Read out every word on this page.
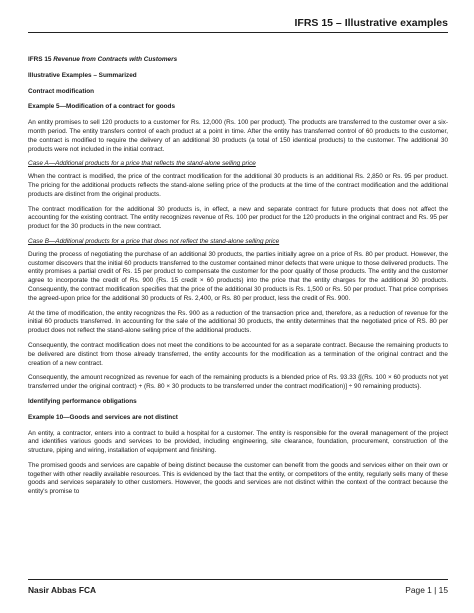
IFRS 15 – Illustrative examples
IFRS 15 Revenue from Contracts with Customers
Illustrative Examples – Summarized
Contract modification
Example 5—Modification of a contract for goods

An entity promises to sell 120 products to a customer for Rs. 12,000 (Rs. 100 per product). The products are transferred to the customer over a six-month period. The entity transfers control of each product at a point in time. After the entity has transferred control of 60 products to the customer, the contract is modified to require the delivery of an additional 30 products (a total of 150 identical products) to the customer. The additional 30 products were not included in the initial contract.

Case A—Additional products for a price that reflects the stand-alone selling price

When the contract is modified, the price of the contract modification for the additional 30 products is an additional Rs. 2,850 or Rs. 95 per product. The pricing for the additional products reflects the stand-alone selling price of the products at the time of the contract modification and the additional products are distinct from the original products.

The contract modification for the additional 30 products is, in effect, a new and separate contract for future products that does not affect the accounting for the existing contract. The entity recognizes revenue of Rs. 100 per product for the 120 products in the original contract and Rs. 95 per product for the 30 products in the new contract.

Case B—Additional products for a price that does not reflect the stand-alone selling price

During the process of negotiating the purchase of an additional 30 products, the parties initially agree on a price of Rs. 80 per product. However, the customer discovers that the initial 60 products transferred to the customer contained minor defects that were unique to those delivered products. The entity promises a partial credit of Rs. 15 per product to compensate the customer for the poor quality of those products. The entity and the customer agree to incorporate the credit of Rs. 900 (Rs. 15 credit × 60 products) into the price that the entity charges for the additional 30 products. Consequently, the contract modification specifies that the price of the additional 30 products is Rs. 1,500 or Rs. 50 per product. That price comprises the agreed-upon price for the additional 30 products of Rs. 2,400, or Rs. 80 per product, less the credit of Rs. 900.

At the time of modification, the entity recognizes the Rs. 900 as a reduction of the transaction price and, therefore, as a reduction of revenue for the initial 60 products transferred. In accounting for the sale of the additional 30 products, the entity determines that the negotiated price of RS. 80 per product does not reflect the stand-alone selling price of the additional products.

Consequently, the contract modification does not meet the conditions to be accounted for as a separate contract. Because the remaining products to be delivered are distinct from those already transferred, the entity accounts for the modification as a termination of the original contract and the creation of a new contract.

Consequently, the amount recognized as revenue for each of the remaining products is a blended price of Rs. 93.33 {[(Rs. 100 × 60 products not yet transferred under the original contract) + (Rs. 80 × 30 products to be transferred under the contract modification)] ÷ 90 remaining products}.

Identifying performance obligations
Example 10—Goods and services are not distinct

An entity, a contractor, enters into a contract to build a hospital for a customer. The entity is responsible for the overall management of the project and identifies various goods and services to be provided, including engineering, site clearance, foundation, procurement, construction of the structure, piping and wiring, installation of equipment and finishing.

The promised goods and services are capable of being distinct because the customer can benefit from the goods and services either on their own or together with other readily available resources. This is evidenced by the fact that the entity, or competitors of the entity, regularly sells many of these goods and services separately to other customers. However, the goods and services are not distinct within the context of the contract because the entity's promise to

Nasir Abbas FCA	Page 1 | 15
